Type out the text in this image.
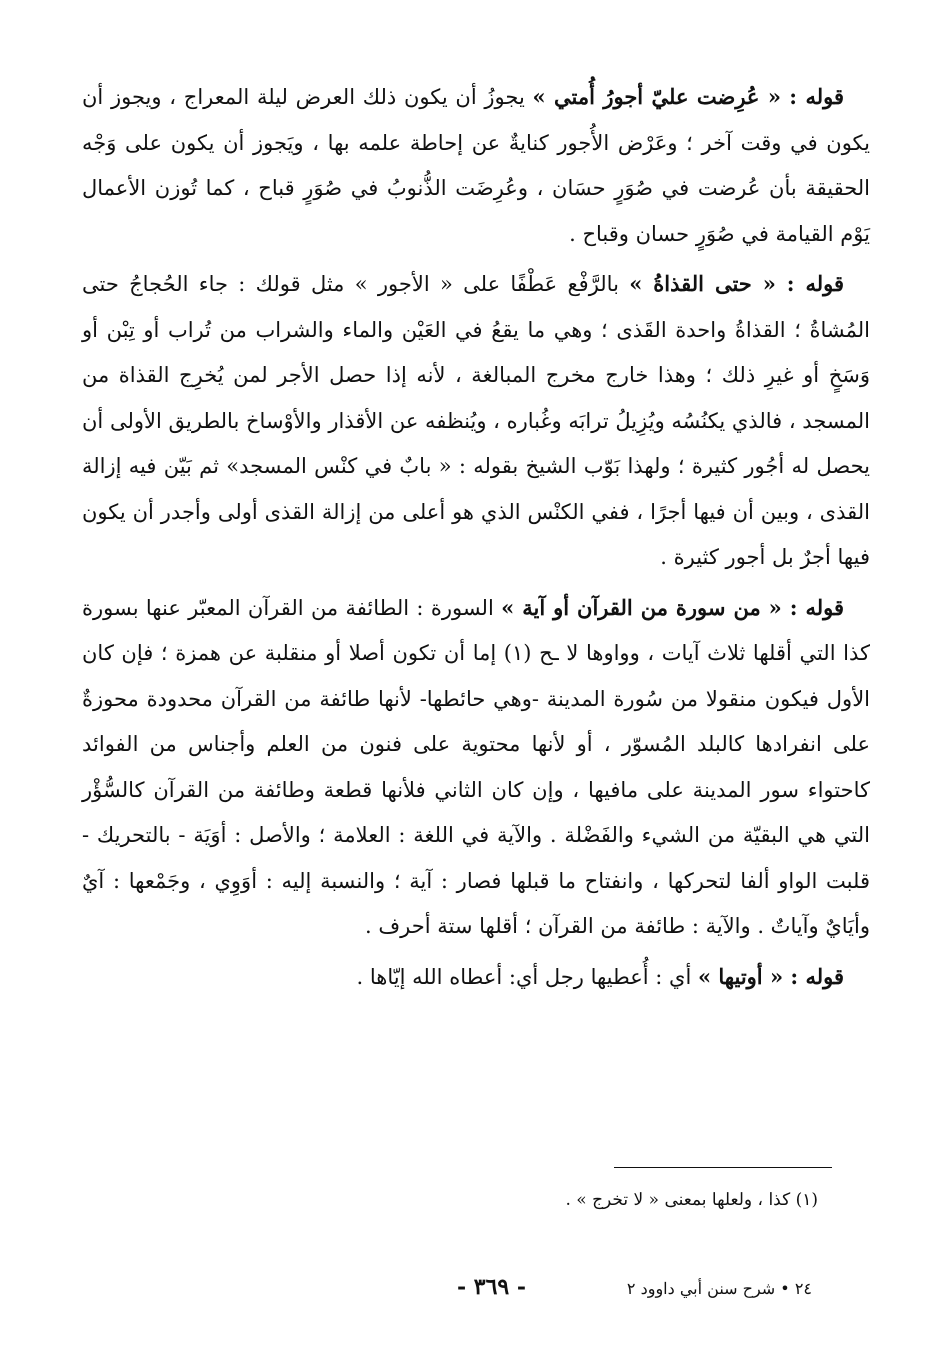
قوله : « عُرِضت عليّ أجورُ أُمتي » يجوزُ أن يكون ذلك العرض ليلة المعراج ، ويجوز أن يكون في وقت آخر ؛ وعَرْض الأُجور كنايةٌ عن إحاطة علمه بها ، ويَجوز أن يكون على وَجْه الحقيقة بأن عُرضت في صُوَرٍ حسَان ، وعُرِضَت الذُّنوبُ في صُوَرٍ قباح ، كما تُوزن الأعمال يَوْم القيامة في صُوَرٍ حسان وقباح .

قوله : « حتى القذاةُ » بالرَّفْع عَطْفًا على « الأجور » مثل قولك : جاء الحُجاجُ حتى المُشاةُ ؛ القذاةُ واحدة القَذى ؛ وهي ما يقعُ في العَيْن والماء والشراب من تُراب أو تِبْن أو وَسَخٍ أو غيرِ ذلك ؛ وهذا خارج مخرج المبالغة ، لأنه إذا حصل الأجر لمن يُخرِج القذاة من المسجد ، فالذي يكنُسُه ويُزِيلُ ترابَه وغُباره ، ويُنظفه عن الأقذار والأوْساخ بالطريق الأولى أن يحصل له أجُور كثيرة ؛ ولهذا بَوّب الشيخ بقوله : « بابٌ في كنْس المسجد» ثم بَيّن فيه إزالة القذى ، وبين أن فيها أجرًا ، ففي الكنْس الذي هو أعلى من إزالة القذى أولى وأجدر أن يكون فيها أجرٌ بل أجور كثيرة .

قوله : « من سورة من القرآن أو آية » السورة : الطائفة من القرآن المعبّر عنها بسورة كذا التي أقلها ثلاث آيات ، وواوها لا ـح (١) إما أن تكون أصلا أو منقلبة عن همزة ؛ فإن كان الأول فيكون منقولا من سُورة المدينة -وهي حائطها- لأنها طائفة من القرآن محدودة محوزةٌ على انفرادها كالبلد المُسوّر ، أو لأنها محتوية على فنون من العلم وأجناس من الفوائد كاحتواء سور المدينة على مافيها ، وإن كان الثاني فلأنها قطعة وطائفة من القرآن كالسُّؤْر التي هي البقيّة من الشيء والفَضْلة . والآية في اللغة : العلامة ؛ والأصل : أوَيَة - بالتحريك - قلبت الواو ألفا لتحركها ، وانفتاح ما قبلها فصار : آية ؛ والنسبة إليه : أوَوِي ، وجَمْعها : آيٌ وأيَايٌ وآياتٌ . والآية : طائفة من القرآن ؛ أقلها ستة أحرف .

قوله : « أوتيها » أي : أُعطيها رجل أي: أعطاه الله إيّاها .

(١) كذا ، ولعلها بمعنى « لا تخرج » .
٢٤ • شرح سنن أبي داوود ٢
- ٣٦٩ -
